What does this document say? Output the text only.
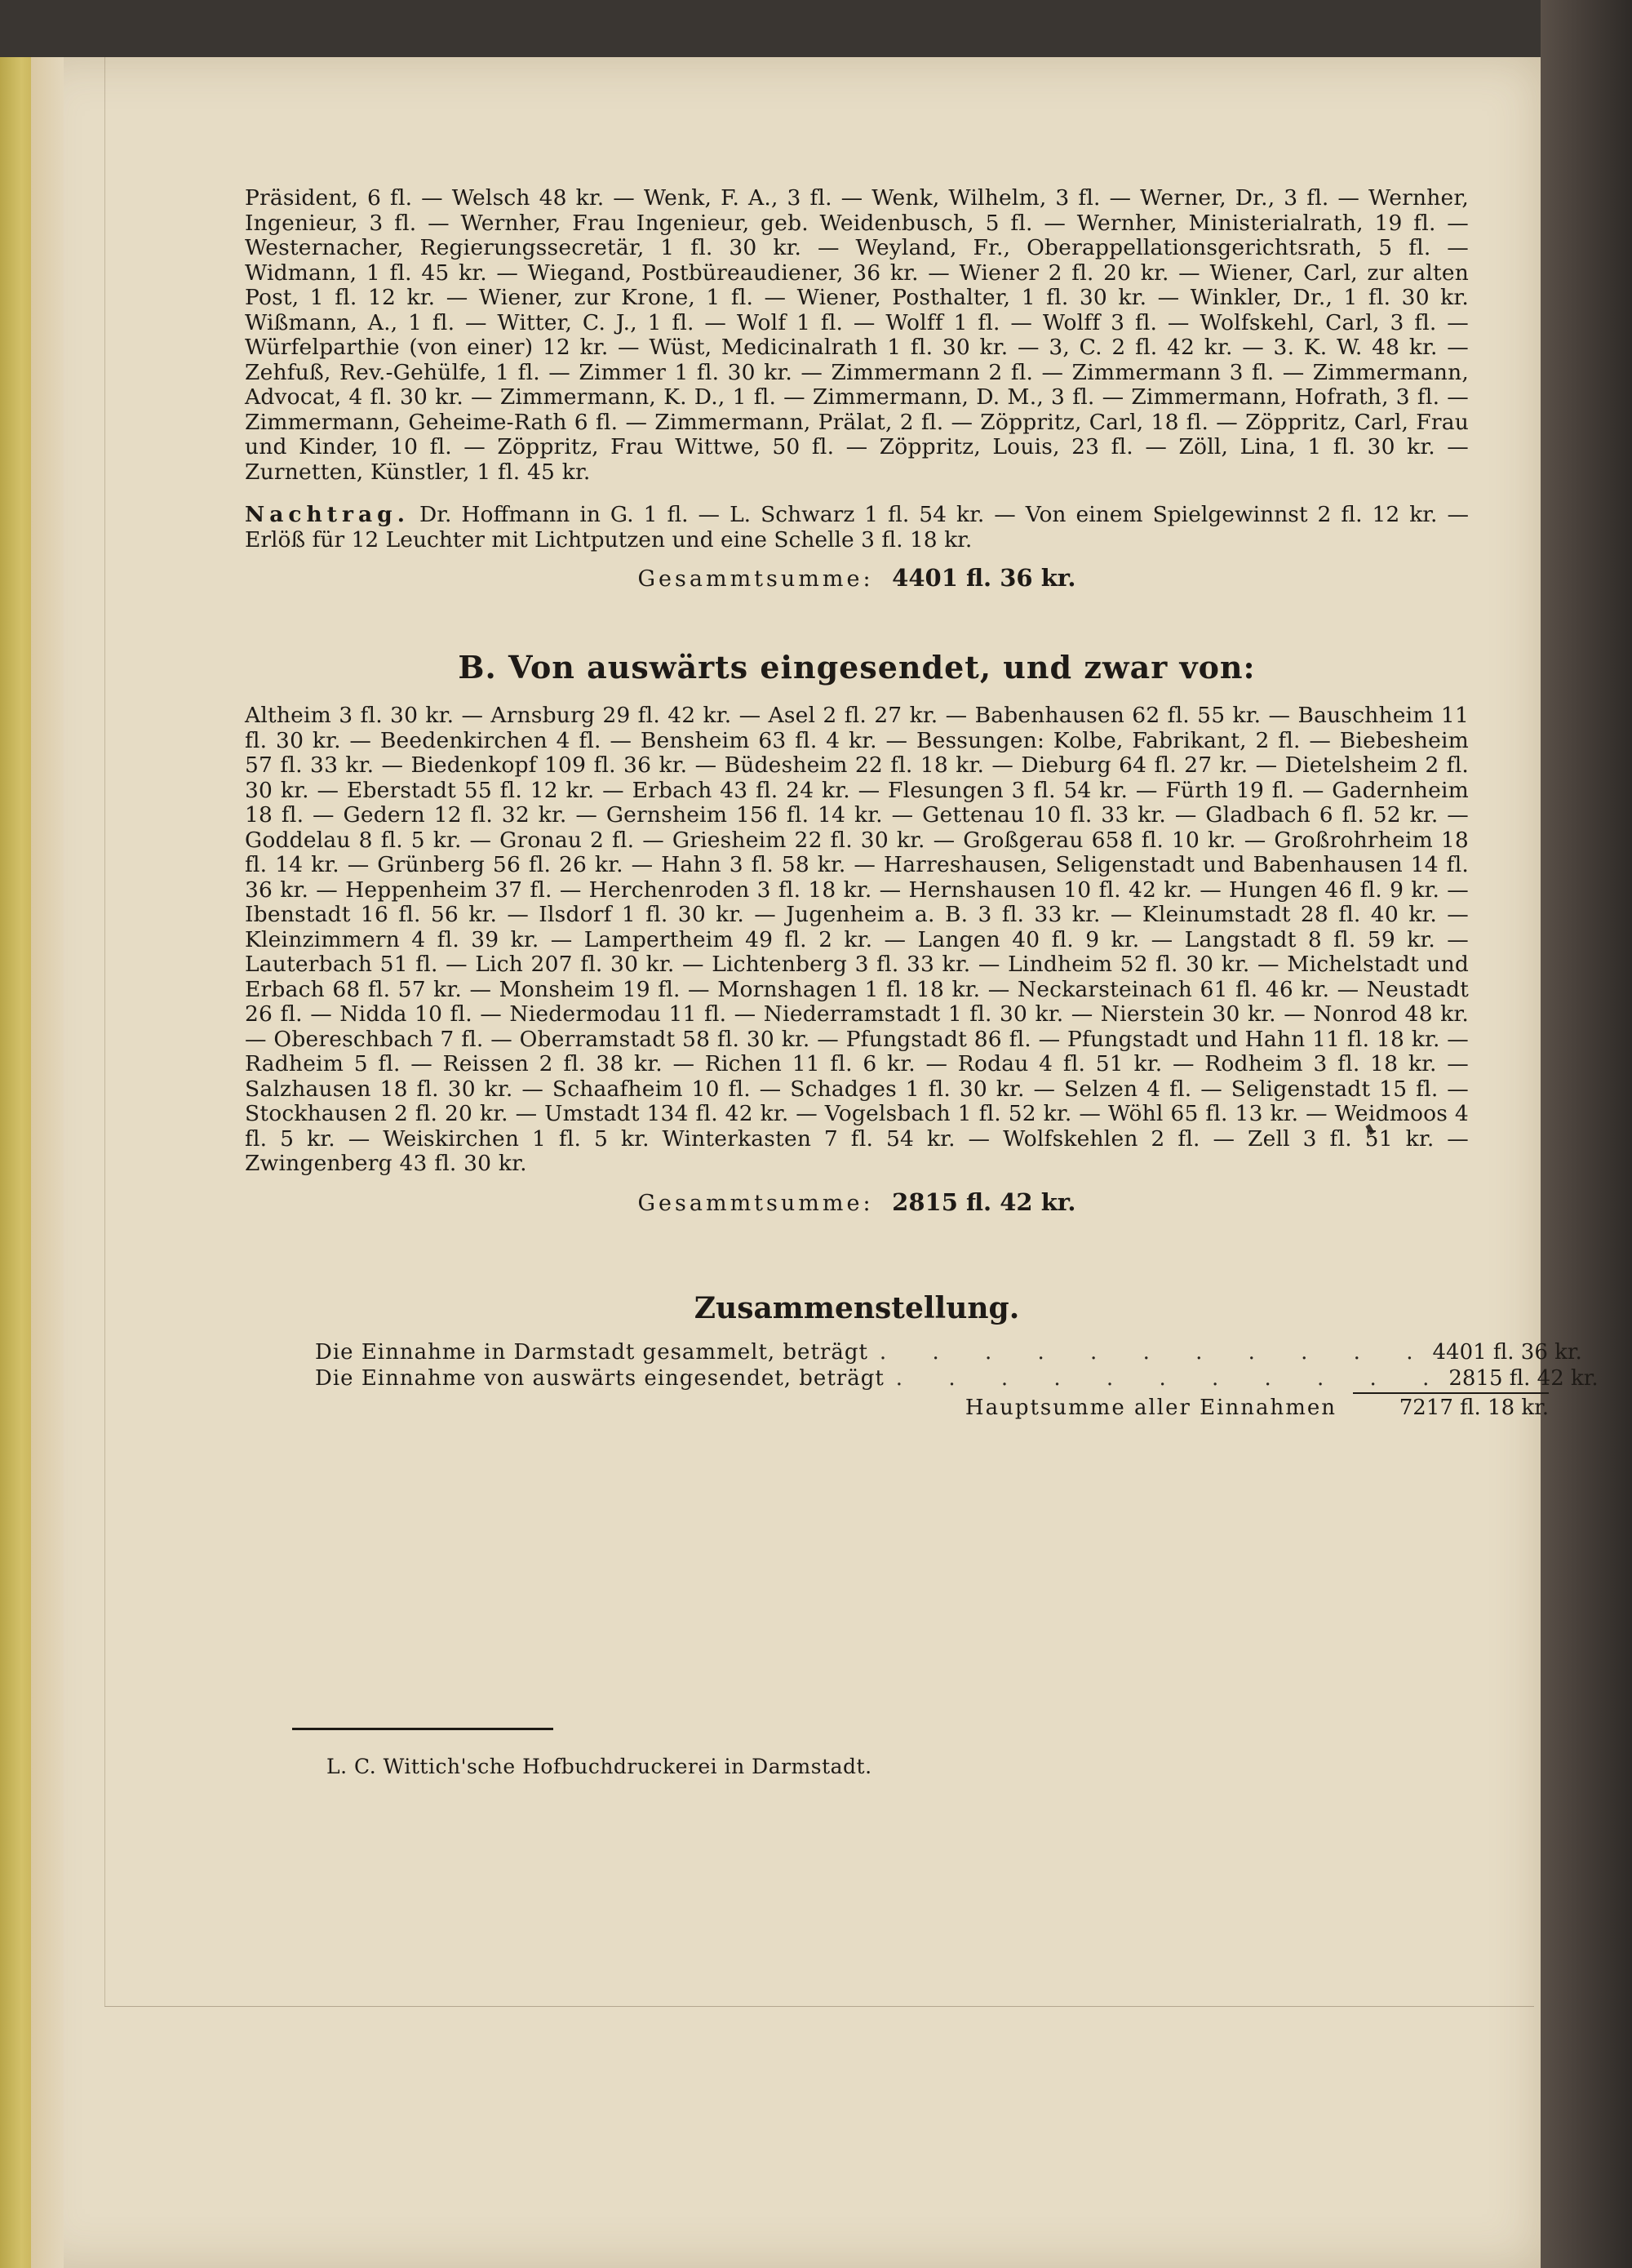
Präsident, 6 fl. — Welsch 48 kr. — Wenk, F. A., 3 fl. — Wenk, Wilhelm, 3 fl. — Werner, Dr., 3 fl. — Wernher, Ingenieur, 3 fl. — Wernher, Frau Ingenieur, geb. Weidenbusch, 5 fl. — Wernher, Ministerialrath, 19 fl. — Westernacher, Regierungssecretär, 1 fl. 30 kr. — Weyland, Fr., Oberappellationsgerichtsrath, 5 fl. — Widmann, 1 fl. 45 kr. — Wiegand, Postbüreaudiener, 36 kr. — Wiener 2 fl. 20 kr. — Wiener, Carl, zur alten Post, 1 fl. 12 kr. — Wiener, zur Krone, 1 fl. — Wiener, Posthalter, 1 fl. 30 kr. — Winkler, Dr., 1 fl. 30 kr. Wißmann, A., 1 fl. — Witter, C. J., 1 fl. — Wolf 1 fl. — Wolff 1 fl. — Wolff 3 fl. — Wolfskehl, Carl, 3 fl. — Würfelparthie (von einer) 12 kr. — Wüst, Medicinalrath 1 fl. 30 kr. — 3, C. 2 fl. 42 kr. — 3. K. W. 48 kr. — Zehfuß, Rev.-Gehülfe, 1 fl. — Zimmer 1 fl. 30 kr. — Zimmermann 2 fl. — Zimmermann 3 fl. — Zimmermann, Advocat, 4 fl. 30 kr. — Zimmermann, K. D., 1 fl. — Zimmermann, D. M., 3 fl. — Zimmermann, Hofrath, 3 fl. — Zimmermann, Geheime-Rath 6 fl. — Zimmermann, Prälat, 2 fl. — Zöppritz, Carl, 18 fl. — Zöppritz, Carl, Frau und Kinder, 10 fl. — Zöppritz, Frau Wittwe, 50 fl. — Zöppritz, Louis, 23 fl. — Zöll, Lina, 1 fl. 30 kr. — Zurnetten, Künstler, 1 fl. 45 kr.

Nachtrag. Dr. Hoffmann in G. 1 fl. — L. Schwarz 1 fl. 54 kr. — Von einem Spielgewinnst 2 fl. 12 kr. — Erlöß für 12 Leuchter mit Lichtputzen und eine Schelle 3 fl. 18 kr.

Gesammtsumme: 4401 fl. 36 kr.
B. Von auswärts eingesendet, und zwar von:

Altheim 3 fl. 30 kr. — Arnsburg 29 fl. 42 kr. — Asel 2 fl. 27 kr. — Babenhausen 62 fl. 55 kr. — Bauschheim 11 fl. 30 kr. — Beedenkirchen 4 fl. — Bensheim 63 fl. 4 kr. — Bessungen: Kolbe, Fabrikant, 2 fl. — Biebesheim 57 fl. 33 kr. — Biedenkopf 109 fl. 36 kr. — Büdesheim 22 fl. 18 kr. — Dieburg 64 fl. 27 kr. — Dietelsheim 2 fl. 30 kr. — Eberstadt 55 fl. 12 kr. — Erbach 43 fl. 24 kr. — Flesungen 3 fl. 54 kr. — Fürth 19 fl. — Gadernheim 18 fl. — Gedern 12 fl. 32 kr. — Gernsheim 156 fl. 14 kr. — Gettenau 10 fl. 33 kr. — Gladbach 6 fl. 52 kr. — Goddelau 8 fl. 5 kr. — Gronau 2 fl. — Griesheim 22 fl. 30 kr. — Großgerau 658 fl. 10 kr. — Großrohrheim 18 fl. 14 kr. — Grünberg 56 fl. 26 kr. — Hahn 3 fl. 58 kr. — Harreshausen, Seligenstadt und Babenhausen 14 fl. 36 kr. — Heppenheim 37 fl. — Herchenroden 3 fl. 18 kr. — Hernshausen 10 fl. 42 kr. — Hungen 46 fl. 9 kr. — Ibenstadt 16 fl. 56 kr. — Ilsdorf 1 fl. 30 kr. — Jugenheim a. B. 3 fl. 33 kr. — Kleinumstadt 28 fl. 40 kr. — Kleinzimmern 4 fl. 39 kr. — Lampertheim 49 fl. 2 kr. — Langen 40 fl. 9 kr. — Langstadt 8 fl. 59 kr. — Lauterbach 51 fl. — Lich 207 fl. 30 kr. — Lichtenberg 3 fl. 33 kr. — Lindheim 52 fl. 30 kr. — Michelstadt und Erbach 68 fl. 57 kr. — Monsheim 19 fl. — Mornshagen 1 fl. 18 kr. — Neckarsteinach 61 fl. 46 kr. — Neustadt 26 fl. — Nidda 10 fl. — Niedermodau 11 fl. — Niederramstadt 1 fl. 30 kr. — Nierstein 30 kr. — Nonrod 48 kr. — Obereschbach 7 fl. — Oberramstadt 58 fl. 30 kr. — Pfungstadt 86 fl. — Pfungstadt und Hahn 11 fl. 18 kr. — Radheim 5 fl. — Reissen 2 fl. 38 kr. — Richen 11 fl. 6 kr. — Rodau 4 fl. 51 kr. — Rodheim 3 fl. 18 kr. — Salzhausen 18 fl. 30 kr. — Schaafheim 10 fl. — Schadges 1 fl. 30 kr. — Selzen 4 fl. — Seligenstadt 15 fl. — Stockhausen 2 fl. 20 kr. — Umstadt 134 fl. 42 kr. — Vogelsbach 1 fl. 52 kr. — Wöhl 65 fl. 13 kr. — Weidmoos 4 fl. 5 kr. — Weiskirchen 1 fl. 5 kr. Winterkasten 7 fl. 54 kr. — Wolfskehlen 2 fl. — Zell 3 fl. 51 kr. — Zwingenberg 43 fl. 30 kr.

Gesammtsumme: 2815 fl. 42 kr.
Zusammenstellung.
Die Einnahme in Darmstadt gesammelt, beträgt . . . . . . . . . . . 4401 fl. 36 kr.
Die Einnahme von auswärts eingesendet, beträgt . . . . . . . . . . . 2815 fl. 42 kr.
Hauptsumme aller Einnahmen	7217 fl. 18 kr.
L. C. Wittich'sche Hofbuchdruckerei in Darmstadt.
